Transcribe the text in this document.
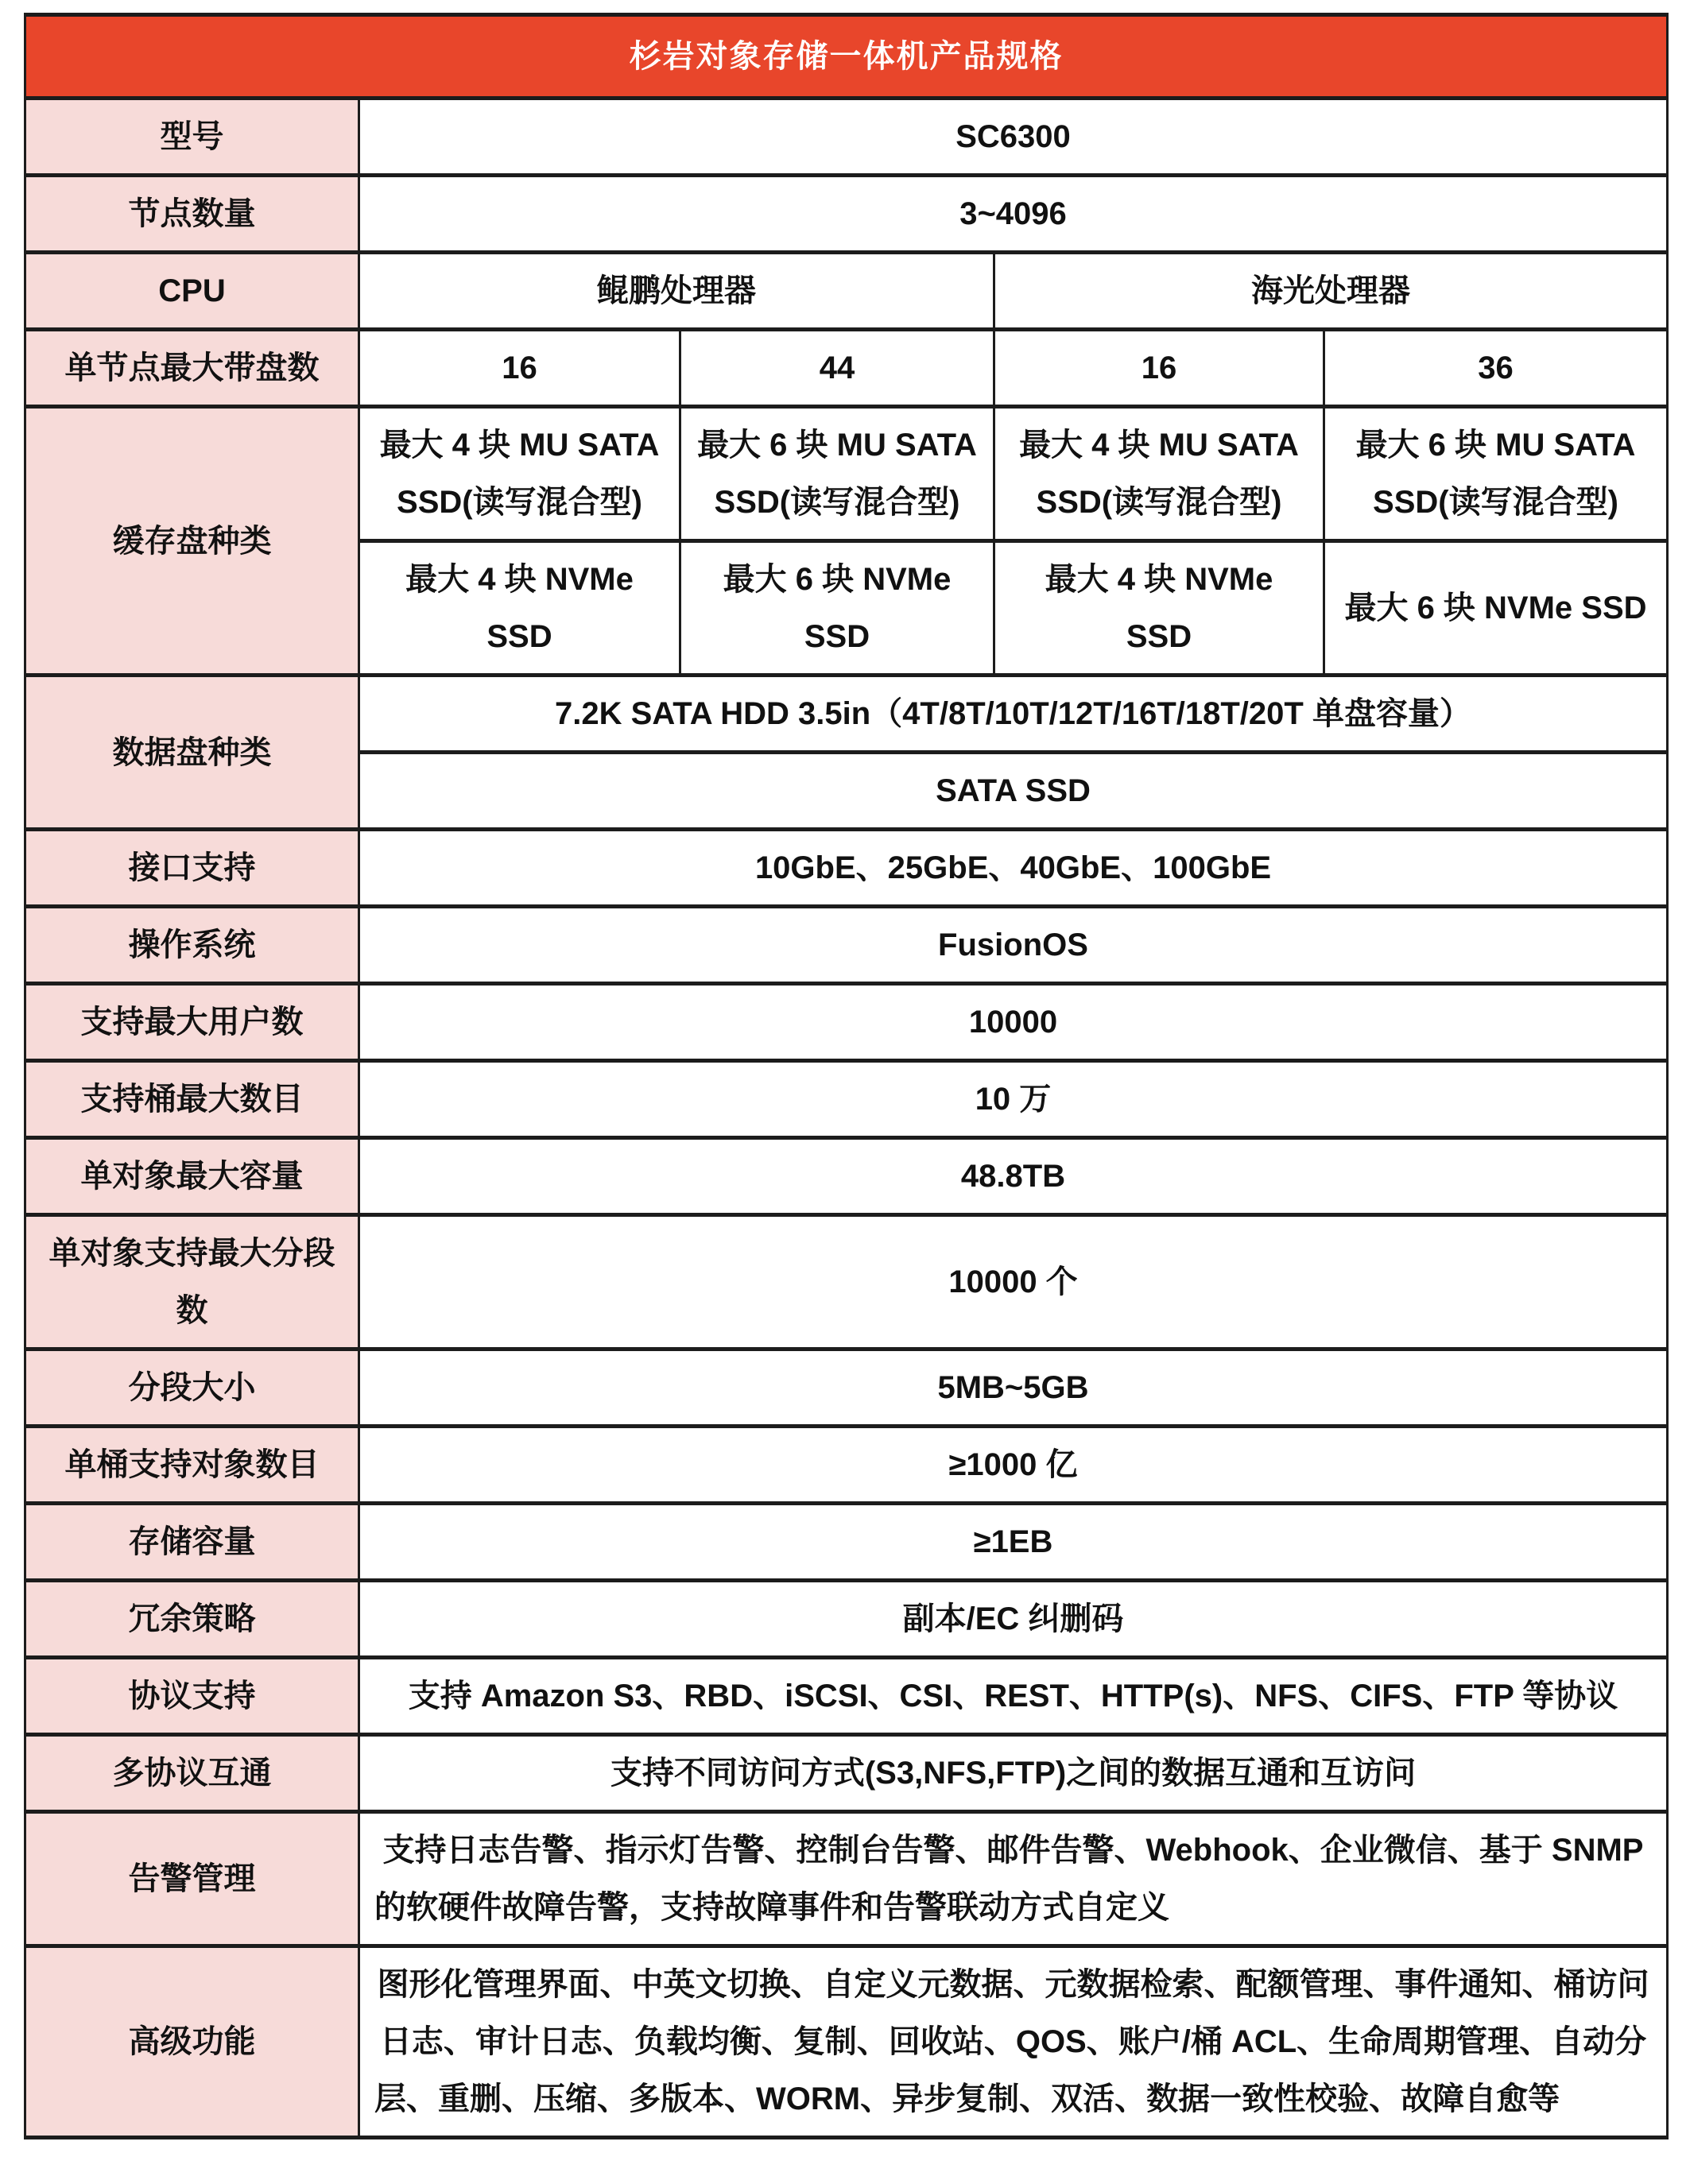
杉岩对象存储一体机产品规格				
型号	SC6300			
节点数量	3~4096			
CPU	鲲鹏处理器		海光处理器	
单节点最大带盘数	16	44	16	36
缓存盘种类	最大 4 块 MU SATA SSD(读写混合型)	最大 6 块 MU SATA SSD(读写混合型)	最大 4 块 MU SATA SSD(读写混合型)	最大 6 块 MU SATA SSD(读写混合型)
	最大 4 块 NVMe SSD	最大 6 块 NVMe SSD	最大 4 块 NVMe SSD	最大 6 块 NVMe SSD
数据盘种类	7.2K SATA HDD 3.5in（4T/8T/10T/12T/16T/18T/20T 单盘容量）			
	SATA SSD			
接口支持	10GbE、25GbE、40GbE、100GbE			
操作系统	FusionOS			
支持最大用户数	10000			
支持桶最大数目	10 万			
单对象最大容量	48.8TB			
单对象支持最大分段数	10000 个			
分段大小	5MB~5GB			
单桶支持对象数目	≥1000 亿			
存储容量	≥1EB			
冗余策略	副本/EC 纠删码			
协议支持	支持 Amazon S3、RBD、iSCSI、CSI、REST、HTTP(s)、NFS、CIFS、FTP 等协议			
多协议互通	支持不同访问方式(S3,NFS,FTP)之间的数据互通和互访问			
告警管理	支持日志告警、指示灯告警、控制台告警、邮件告警、Webhook、企业微信、基于 SNMP 的软硬件故障告警，支持故障事件和告警联动方式自定义			
高级功能	图形化管理界面、中英文切换、自定义元数据、元数据检索、配额管理、事件通知、桶访问日志、审计日志、负载均衡、复制、回收站、QOS、账户/桶 ACL、生命周期管理、自动分层、重删、压缩、多版本、WORM、异步复制、双活、数据一致性校验、故障自愈等			
